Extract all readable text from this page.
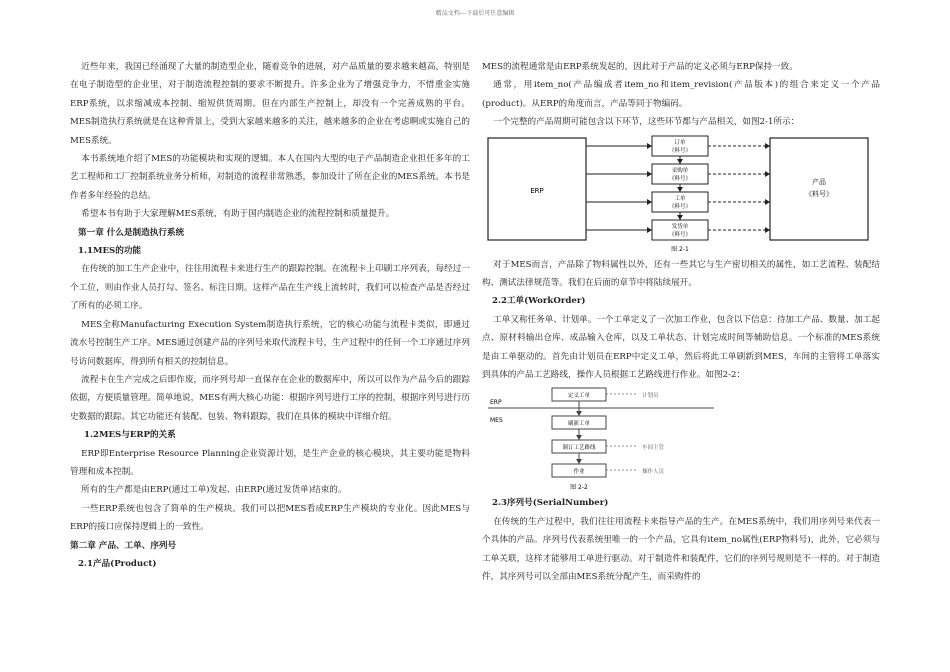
精品文档---下载后可任意编辑

近些年来，我国已经涌现了大量的制造型企业，随着竞争的进展，对产品质量的要求越来越高，特别是在电子制造型的企业里，对于制造流程控制的要求不断提升。许多企业为了增强竞争力，不惜重金实施ERP系统，以求缩减成本控制、缩短供货周期。但在内部生产控制上，却没有一个完善成熟的平台。MES制造执行系统就是在这种背景上，受到大家越来越多的关注，越来越多的企业在考虑啊或实施自己的MES系统。

本书系统地介绍了MES的功能模块和实现的逻辑。本人在国内大型的电子产品制造企业担任多年的工艺工程师和工厂控制系统业务分析师，对制造的流程非常熟悉，参加设计了所在企业的MES系统。本书是作者多年经验的总结。

希望本书有助于大家理解MES系统，有助于国内制造企业的流程控制和质量提升。

第一章 什么是制造执行系统

1.1MES的功能

在传统的加工生产企业中，往往用流程卡来进行生产的跟踪控制。在流程卡上印刷工序列表，每经过一个工位，则由作业人员打勾、签名、标注日期。这样产品在生产线上流转时，我们可以检查产品是否经过了所有的必须工序。

MES全称Manufacturing Execution System制造执行系统，它的核心功能与流程卡类似，即通过流水号控制生产工序。MES通过创建产品的序列号来取代流程卡号，生产过程中的任何一个工序通过序列号访问数据库，得到所有相关的控制信息。

流程卡在生产完成之后即作废，而序列号却一直保存在企业的数据库中，所以可以作为产品今后的跟踪依据，方便质量管理。简单地说，MES有两大核心功能：根据序列号进行工序的控制，根据序列号进行历史数据的跟踪。其它功能还有装配、包装、物料跟踪，我们在具体的模块中详细介绍。

1.2MES与ERP的关系

ERP即Enterprise Resource Planning企业资源计划，是生产企业的核心模块，其主要功能是物料管理和成本控制。

所有的生产都是由ERP(通过工单)发起、由ERP(通过发货单)结束的。

一些ERP系统也包含了简单的生产模块。我们可以把MES看成ERP生产模块的专业化。因此MES与ERP的接口应保持逻辑上的一致性。

第二章 产品、工单、序列号

2.1产品(Product)

MES的流程通常是由ERP系统发起的，因此对于产品的定义必须与ERP保持一致。

通常，用item_no(产品编成者item_no和item_revision(产品版本)的组合来定义一个产品(product)。从ERP的角度而言，产品等同于物编码。

一个完整的产品周期可能包含以下环节，这些环节都与产品相关，如图2-1所示：

ERP
产品
《料号》
订单
《料号》
采购单
《料号》
工单
《料号》
发货单
《料号》
图 2-1

对于MES而言，产品除了物料属性以外，还有一些其它与生产密切相关的属性，如工艺流程、装配结构、测试法律规范等。我们在后面的章节中将陆续展开。

2.2工单(WorkOrder)

工单又称任务单、计划单。一个工单定义了一次加工作业，包含以下信息：待加工产品、数量、加工起点、原材料输出仓库、成品输入仓库，以及工单状态、计划完成时间等辅助信息。一个标准的MES系统是由工单驱动的。首先由计划员在ERP中定义工单，然后将此工单刷新到MES，车间的主管将工单落实到具体的产品工艺路线，操作人员根据工艺路线进行作业。如图2-2：

ERP
MES
定义工单
刷新工单
制订工艺路线
作业
计划员
车间主管
操作人员
图 2-2

2.3序列号(SerialNumber)

在传统的生产过程中，我们往往用流程卡来指导产品的生产。在MES系统中，我们用序列号来代表一个具体的产品。序列号代表系统里唯一的一个产品，它具有item_no属性(ERP物料号)，此外，它必须与工单关联，这样才能够用工单进行驱动。对于制造件和装配件，它们的序列号规则是不一样的。对于制造件，其序列号可以全部由MES系统分配产生，而采购件的
